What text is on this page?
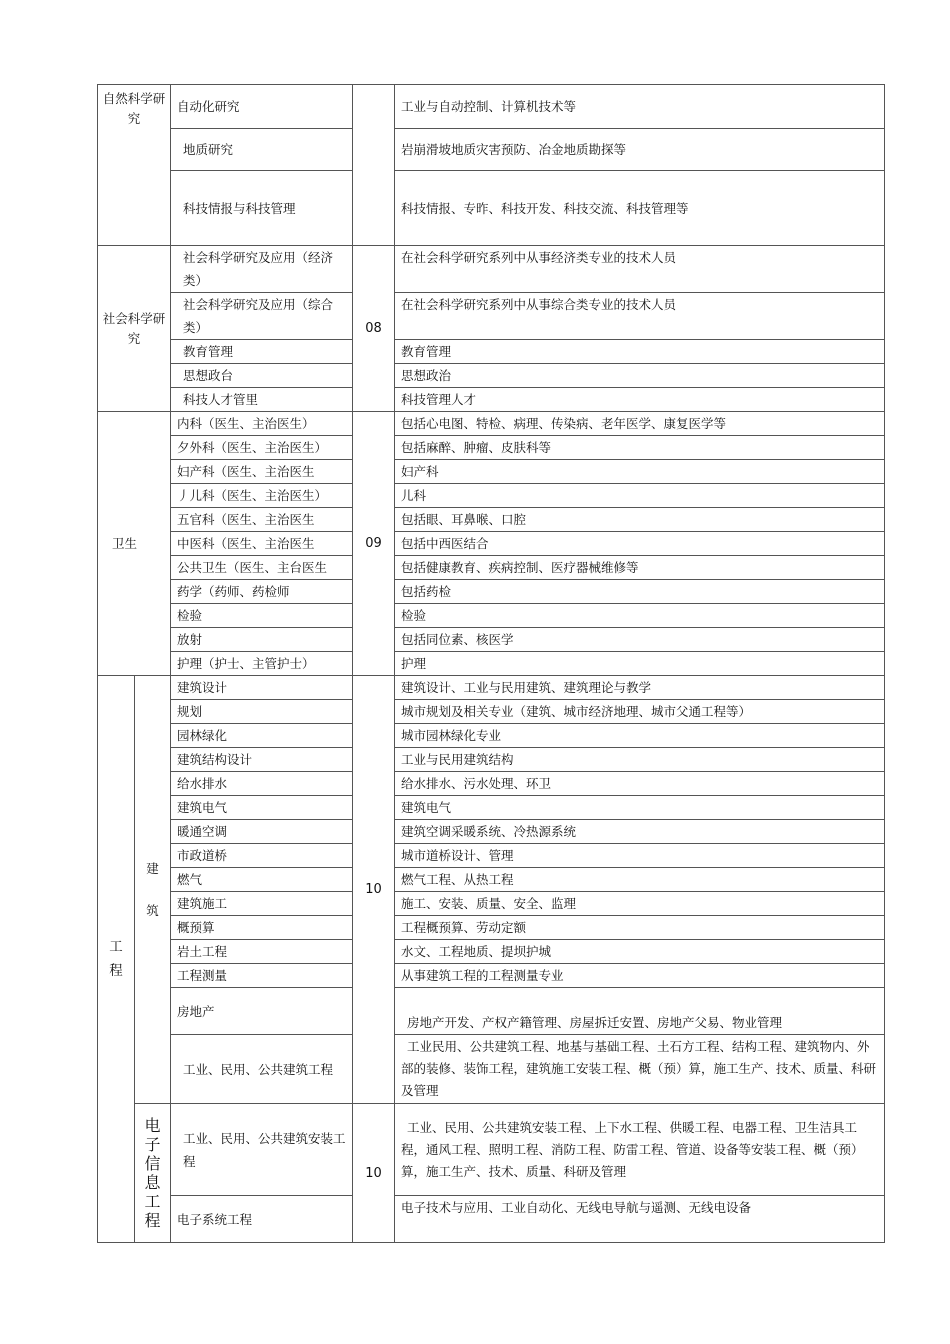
自然科学研究		自动化研究		工业与自动控制、计算机技术等
		地质研究		岩崩滑坡地质灾害预防、冶金地质勘探等
		科技情报与科技管理		科技情报、专昨、科技开发、科技交流、科技管理等
社会科学研究		社会科学研究及应用（经济类）	08	在社会科学研究系列中从事经济类专业的技术人员
		社会科学研究及应用（综合类）		在社会科学研究系列中从事综合类专业的技术人员
		教育管理		教育管理
		思想政台		思想政治
		科技人才管里		科技管理人才
卫生		内科（医生、主治医生）	09	包括心电图、特检、病理、传染病、老年医学、康复医学等
		夕外科（医生、主治医生）		包括麻醉、肿瘤、皮肤科等
		妇产科（医生、主治医生		妇产科
		丿儿科（医生、主治医生）		儿科
		五官科（医生、主治医生		包括眼、耳鼻喉、口腔
		中医科（医生、主治医生		包括中西医结合
		公共卫生（医生、主台医生		包括健康教育、疾病控制、医疗器械维修等
		药学（药师、药检师		包括药检
		检验		检验
		放射		包括同位素、核医学
		护理（护士、主管护士）		护理
工程	建筑	建筑设计	10	建筑设计、工业与民用建筑、建筑理论与教学
		规划		城市规划及相关专业（建筑、城市经济地理、城市父通工程等）
		园林绿化		城市园林绿化专业
		建筑结构设计		工业与民用建筑结构
		给水排水		给水排水、污水处理、环卫
		建筑电气		建筑电气
		暖通空调		建筑空调采暖系统、冷热源系统
		市政道桥		城市道桥设计、管理
		燃气		燃气工程、从热工程
		建筑施工		施工、安装、质量、安全、监理
		概预算		工程概预算、劳动定额
		岩土工程		水文、工程地质、提坝护城
		工程测量		从事建筑工程的工程测量专业
		房地产		房地产开发、产权产籍管理、房屋拆迁安置、房地产父易、物业管理
		工业、民用、公共建筑工程		工业民用、公共建筑工程、地基与基础工程、土石方工程、结构工程、建筑物内、外部的装修、装饰工程，建筑施工安装工程、概（预）算，施工生产、技术、质量、科研及管理
	电子信息工程	工业、民用、公共建筑安装工程	10	工业、民用、公共建筑安装工程、上下水工程、供暖工程、电器工程、卫生洁具工程，通风工程、照明工程、消防工程、防雷工程、管道、设备等安装工程、概（预）算，施工生产、技术、质量、科研及管理
		电子系统工程		电子技术与应用、工业自动化、无线电导航与遥测、无线电设备
